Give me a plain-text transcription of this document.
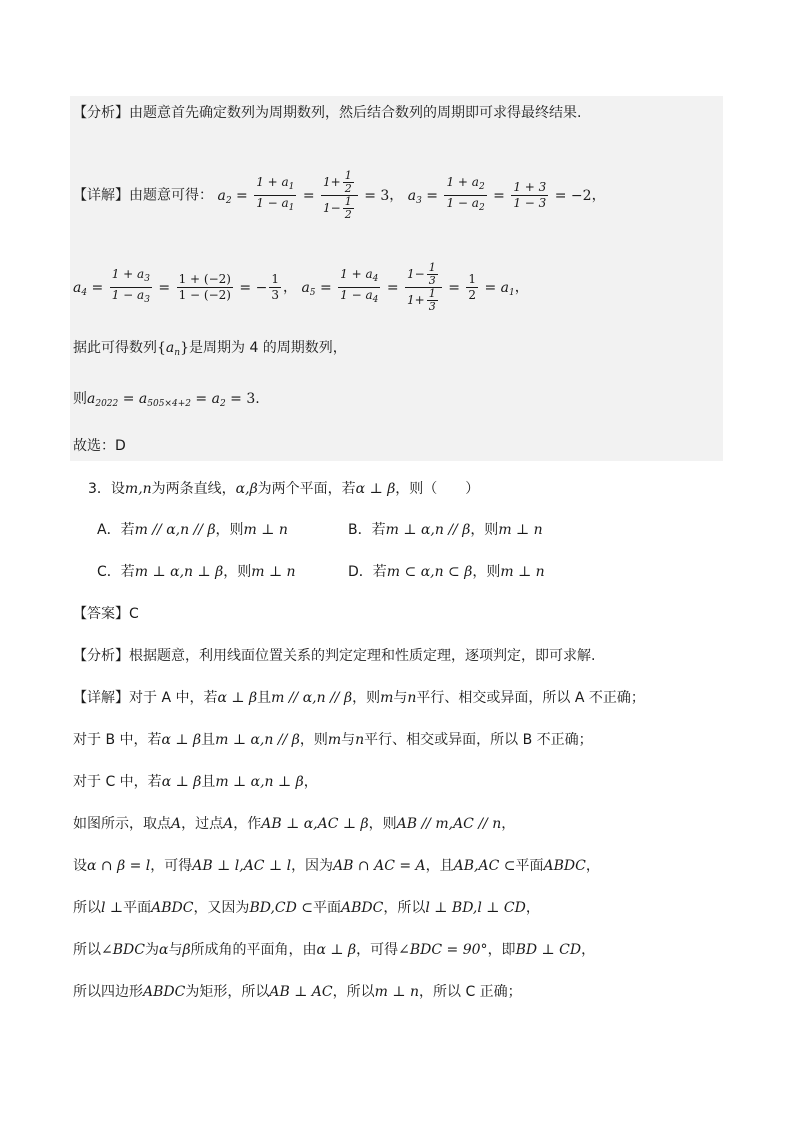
【分析】由题意首先确定数列为周期数列，然后结合数列的周期即可求得最终结果.
【详解】由题意可得： $a_2 = \frac{1 + a_1}{1 - a_1} = \frac{1+ \frac{1}{2}}{1- \frac{1}{2}} = 3$， $a_3 = \frac{1 + a_2}{1 - a_2} = \frac{1 + 3}{1 - 3} = -2$，
$a_4 = \frac{1 + a_3}{1 - a_3} = \frac{1 + (-2)}{1 - (-2)}$ = − $\frac{1}{3}$ ， $a_5 = \frac{1 + a_4}{1 - a_4} = \frac{1- \frac{1}{3}}{1+ \frac{1}{3}} = \frac{1}{2} = a_1$，
据此可得数列$\{a_n\}$是周期为 4 的周期数列，
则$a_{2022} = a_{505\times 4+2} = a_2 = 3$.
故选：D
3．设m,n为两条直线，α,β为两个平面，若α ⊥ β，则（　　）
A．若m // α,n // β，则m ⊥ n	B．若m ⊥ α,n // β，则m ⊥ n
C．若m ⊥ α,n ⊥ β，则m ⊥ n	D．若m ⊂ α,n ⊂ β，则m ⊥ n
【答案】C
【分析】根据题意，利用线面位置关系的判定定理和性质定理，逐项判定，即可求解.
【详解】对于 A 中，若α ⊥ β且m // α,n // β，则m与n平行、相交或异面，所以 A 不正确；
对于 B 中，若α ⊥ β且m ⊥ α,n // β，则m与n平行、相交或异面，所以 B 不正确；
对于 C 中，若α ⊥ β且m ⊥ α,n ⊥ β，
如图所示，取点A，过点A，作AB ⊥ α,AC ⊥ β，则AB // m,AC // n，
设α ∩ β = l，可得AB ⊥ l,AC ⊥ l，因为AB ∩ AC = A，且AB,AC ⊂平面ABDC，
所以l ⊥平面ABDC，又因为BD,CD ⊂平面ABDC，所以l ⊥ BD,l ⊥ CD，
所以∠BDC为α与β所成角的平面角，由α ⊥ β，可得∠BDC = 90°，即BD ⊥ CD，
所以四边形ABDC为矩形，所以AB ⊥ AC，所以m ⊥ n，所以 C 正确；
